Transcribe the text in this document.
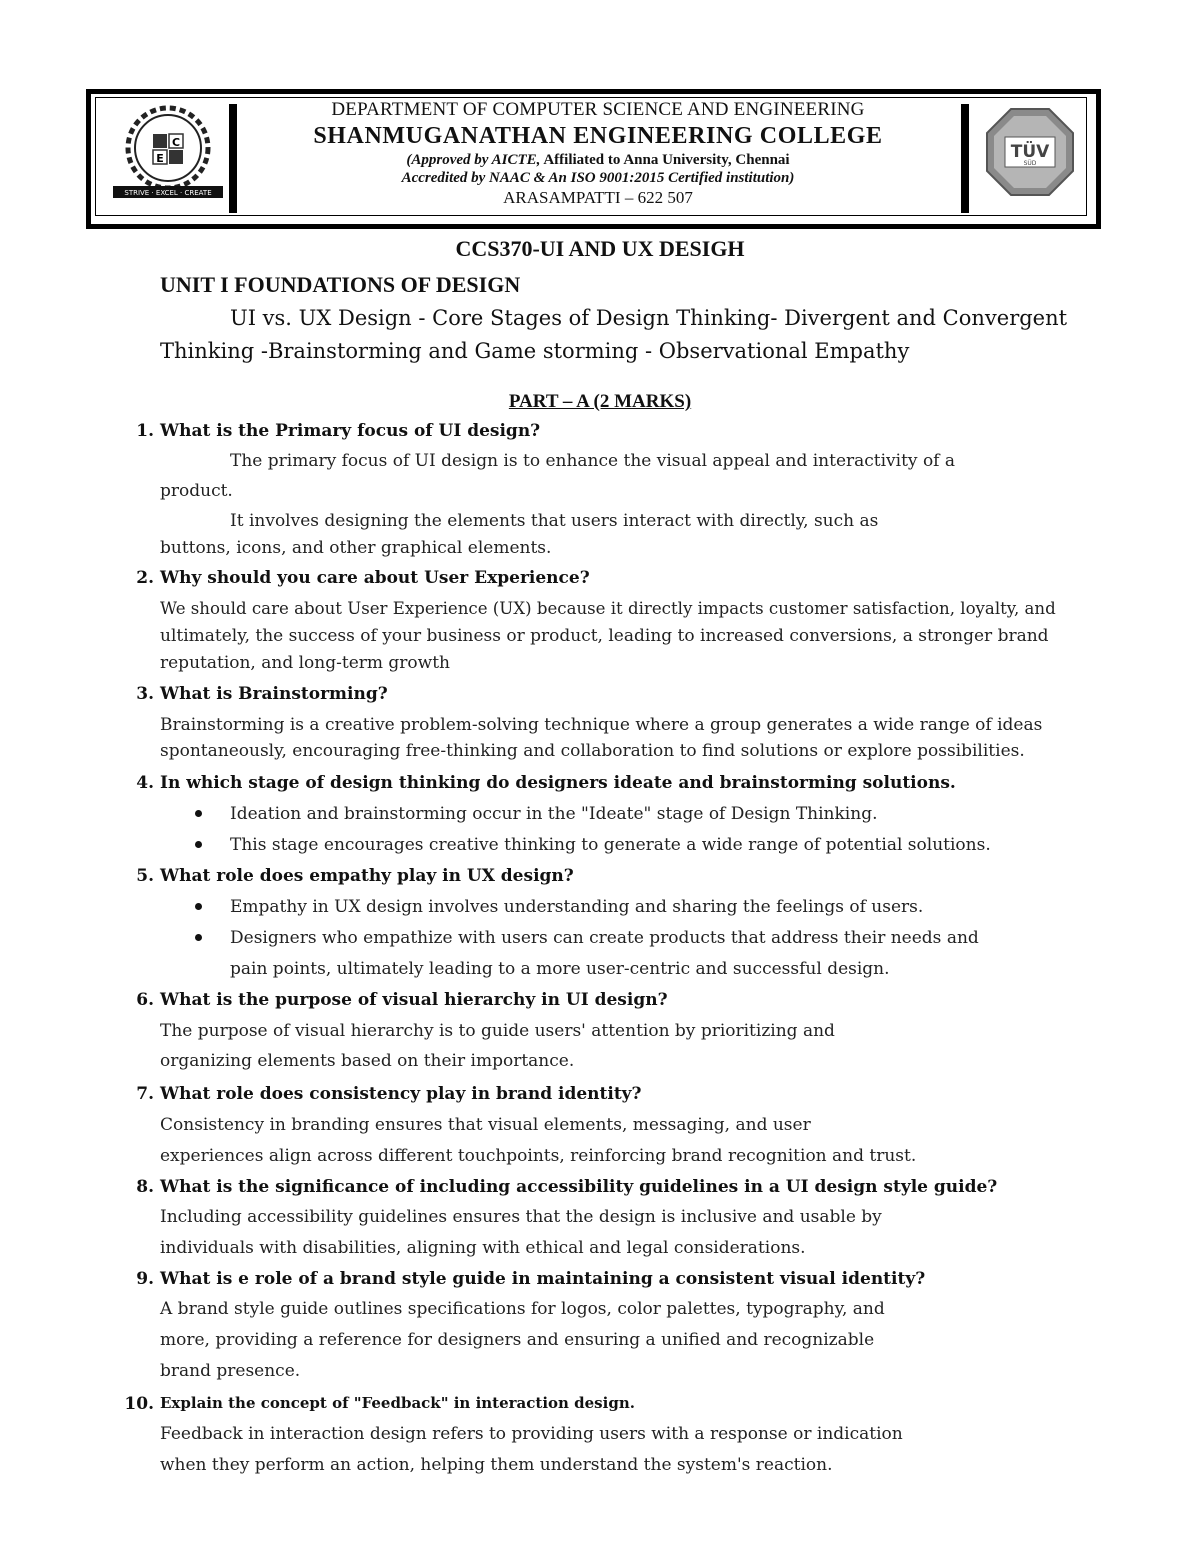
E
C
STRIVE · EXCEL · CREATE
DEPARTMENT OF COMPUTER SCIENCE AND ENGINEERING
SHANMUGANATHAN ENGINEERING COLLEGE
(Approved by AICTE, Affiliated to Anna University, Chennai
Accredited by NAAC & An ISO 9001:2015 Certified institution)
ARASAMPATTI – 622 507
TÜV
SÜD
CCS370-UI AND UX DESIGH
UNIT I FOUNDATIONS OF DESIGN
UI vs. UX Design - Core Stages of Design Thinking- Divergent and Convergent
Thinking -Brainstorming and Game storming - Observational Empathy
PART – A (2 MARKS)
1. What is the Primary focus of UI design?
The primary focus of UI design is to enhance the visual appeal and interactivity of a
product.
It involves designing the elements that users interact with directly, such as
buttons, icons, and other graphical elements.
2. Why should you care about User Experience?
We should care about User Experience (UX) because it directly impacts customer satisfaction, loyalty, and
ultimately, the success of your business or product, leading to increased conversions, a stronger brand
reputation, and long-term growth
3. What is Brainstorming?
Brainstorming is a creative problem-solving technique where a group generates a wide range of ideas
spontaneously, encouraging free-thinking and collaboration to find solutions or explore possibilities.
4. In which stage of design thinking do designers ideate and brainstorming solutions.
Ideation and brainstorming occur in the "Ideate" stage of Design Thinking.
This stage encourages creative thinking to generate a wide range of potential solutions.
5. What role does empathy play in UX design?
Empathy in UX design involves understanding and sharing the feelings of users.
Designers who empathize with users can create products that address their needs and
pain points, ultimately leading to a more user-centric and successful design.
6. What is the purpose of visual hierarchy in UI design?
The purpose of visual hierarchy is to guide users' attention by prioritizing and
organizing elements based on their importance.
7. What role does consistency play in brand identity?
Consistency in branding ensures that visual elements, messaging, and user
experiences align across different touchpoints, reinforcing brand recognition and trust.
8. What is the significance of including accessibility guidelines in a UI design style guide?
Including accessibility guidelines ensures that the design is inclusive and usable by
individuals with disabilities, aligning with ethical and legal considerations.
9. What is e role of a brand style guide in maintaining a consistent visual identity?
A brand style guide outlines specifications for logos, color palettes, typography, and
more, providing a reference for designers and ensuring a unified and recognizable
brand presence.
10. Explain the concept of "Feedback" in interaction design.
Feedback in interaction design refers to providing users with a response or indication
when they perform an action, helping them understand the system's reaction.
